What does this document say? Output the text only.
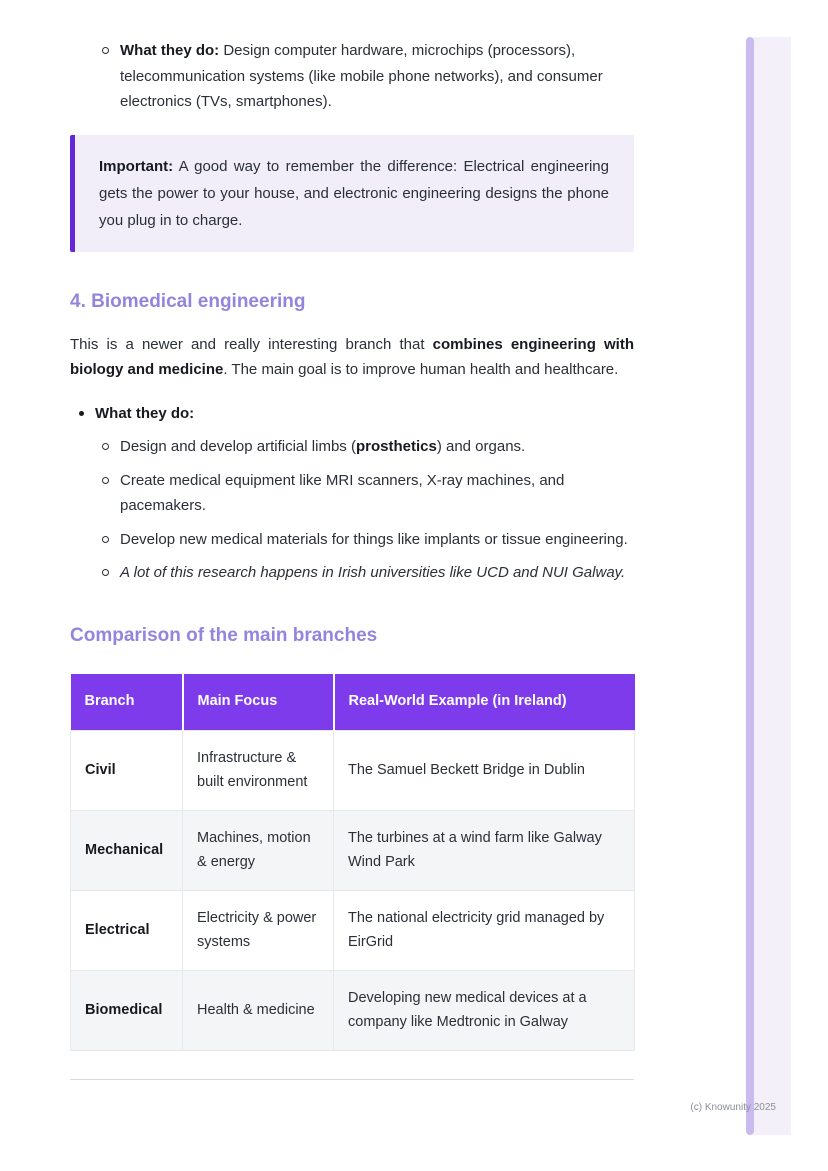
What they do: Design computer hardware, microchips (processors), telecommunication systems (like mobile phone networks), and consumer electronics (TVs, smartphones).

Important: A good way to remember the difference: Electrical engineering gets the power to your house, and electronic engineering designs the phone you plug in to charge.

4. Biomedical engineering

This is a newer and really interesting branch that combines engineering with biology and medicine. The main goal is to improve human health and healthcare.

What they do:
Design and develop artificial limbs (prosthetics) and organs.
Create medical equipment like MRI scanners, X-ray machines, and pacemakers.
Develop new medical materials for things like implants or tissue engineering.
A lot of this research happens in Irish universities like UCD and NUI Galway.
Comparison of the main branches
Branch	Main Focus	Real-World Example (in Ireland)
Civil	Infrastructure & built environment	The Samuel Beckett Bridge in Dublin
Mechanical	Machines, motion & energy	The turbines at a wind farm like Galway Wind Park
Electrical	Electricity & power systems	The national electricity grid managed by EirGrid
Biomedical	Health & medicine	Developing new medical devices at a company like Medtronic in Galway
(c) Knowunity 2025
